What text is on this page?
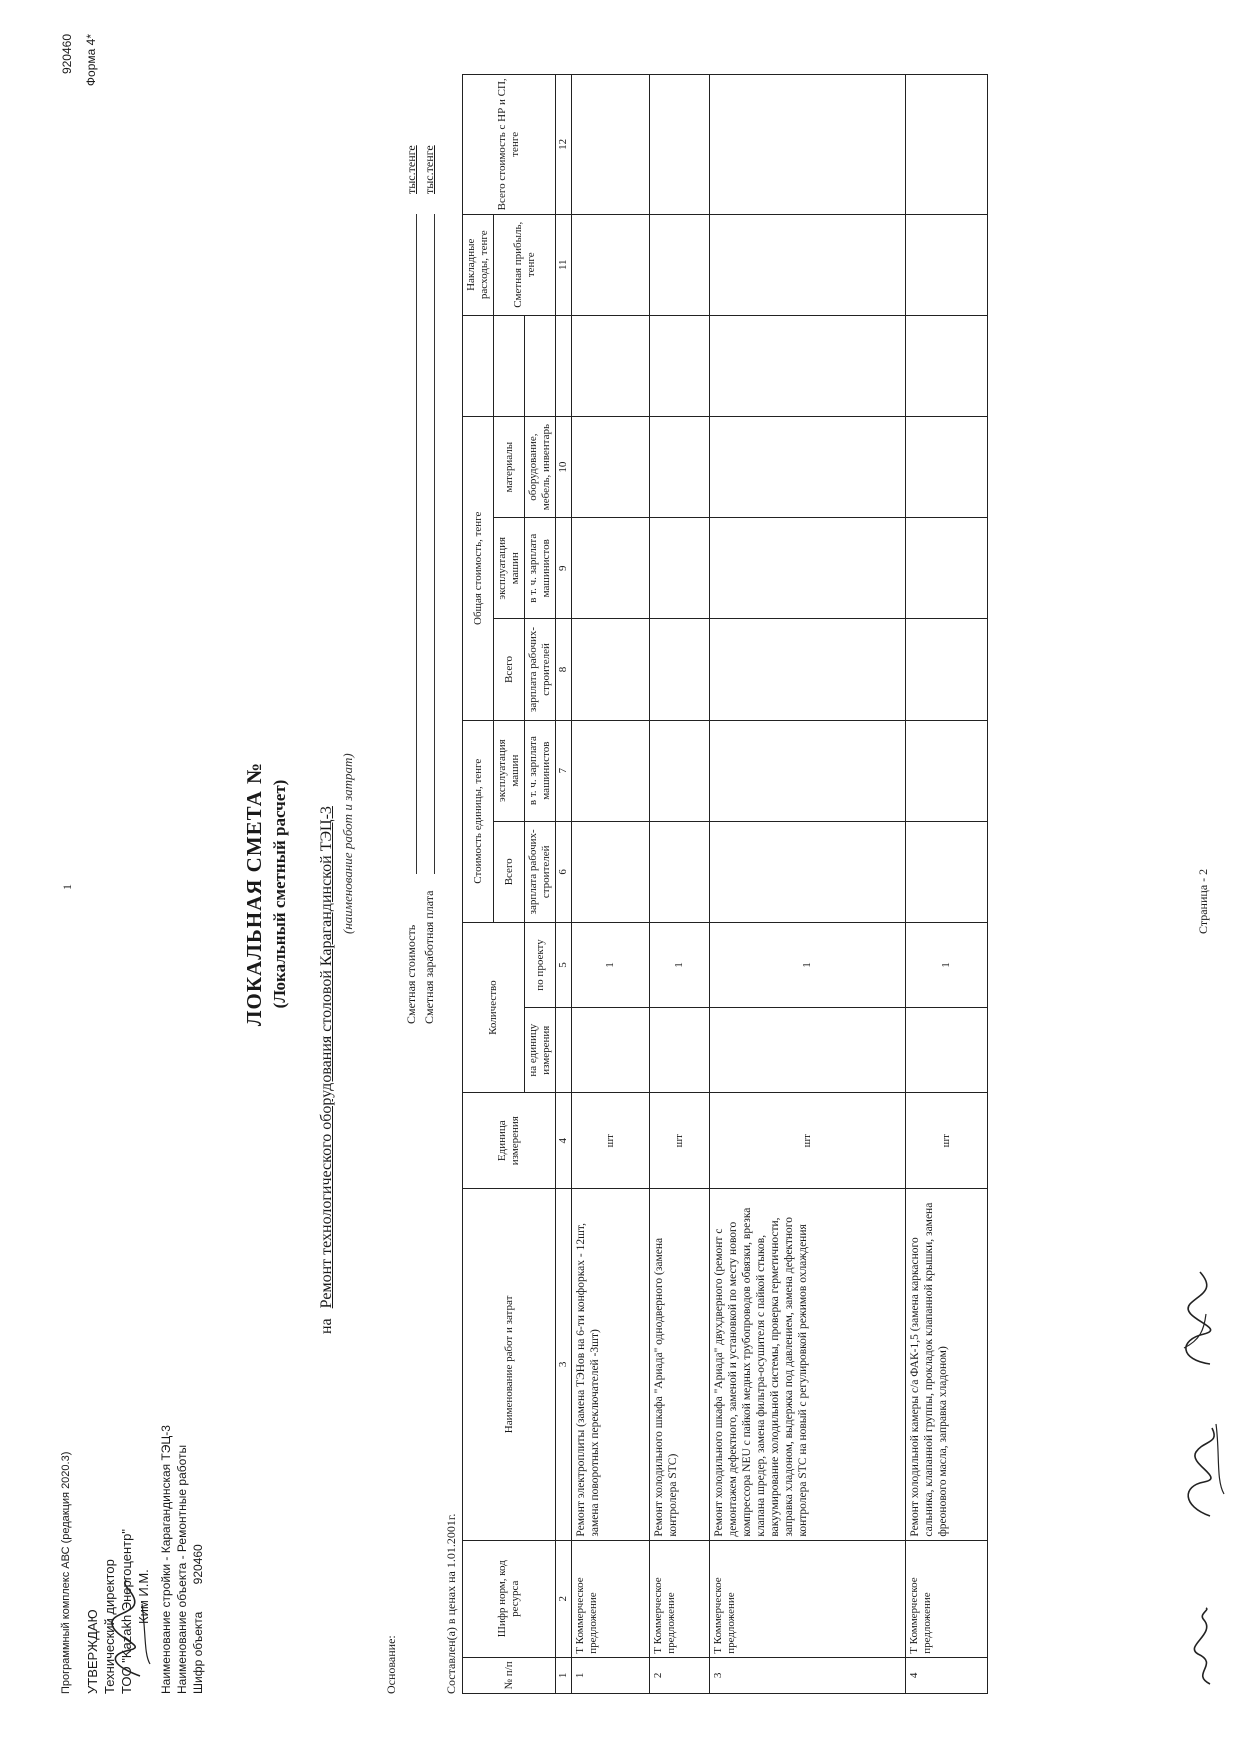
Программный комплекс АВС (редакция 2020.3) УТВЕРЖДАЮ Технический директор ТОО "Kazakh Энергоцентр" Ким И.М. Наименование стройки - Карагандинская ТЭЦ-3
Наименование объекта - Ремонтные работы
Шифр объекта 920460
1
920460 Форма 4*
ЛОКАЛЬНАЯ СМЕТА № (Локальный сметный расчет)
на Ремонт технологического оборудования столовой Карагандинской ТЭЦ-3 (наименование работ и затрат)
Основание:
Сметная стоимость
тыс.тенге
Сметная заработная плата
тыс.тенге
Составлен(а) в ценах на 1.01.2001г.	№ п/п	Шифр норм, код ресурса	Наименование работ и затрат	Единица измерения	Количество		Стоимость единицы, тенге		Общая стоимость, тенге				Накладные расходы, тенге	Всего стоимость с НР и СП, тенге
						Всего	эксплуатация машин	Всего	эксплуатация машин	материалы		Сметная прибыль, тенге	
				на единицу измерения	по проекту	зарплата рабочих-строителей	в т. ч. зарплата машинистов	зарплата рабочих-строителей	в т. ч. зарплата машинистов	оборудование, мебель, инвентарь			
1	2	3	4		5	6	7	8	9	10		11	12
1	Т Коммерческое предложение	Ремонт электроплиты (замена ТЭНов на 6-ти конфорках - 12шт, замена поворотных переключателей -3шт)	шт		1								
2	Т Коммерческое предложение	Ремонт холодильного шкафа "Ариада" однодверного (замена контролера STC)	шт		1								
3	Т Коммерческое предложение	Ремонт холодильного шкафа "Ариада" двухдверного (ремонт с демонтажем дефектного, заменой и установкой по месту нового компрессора NEU с пайкой медных трубопроводов обвязки, врезка клапана шредер, замена фильтра-осушителя с пайкой стыков, вакуумирование холодильной системы, проверка герметичности, заправка хладоном, выдержка под давлением, замена дефектного контролера STC на новый с регулировкой режимов охлаждения	шт		1								
4	Т Коммерческое предложение	Ремонт холодильной камеры с/а ФАК-1,5 (замена каркасного сальника, клапанной группы, прокладок клапанной крышки, замена фреонового масла, заправка хладоном)	шт		1								
Страница - 2
